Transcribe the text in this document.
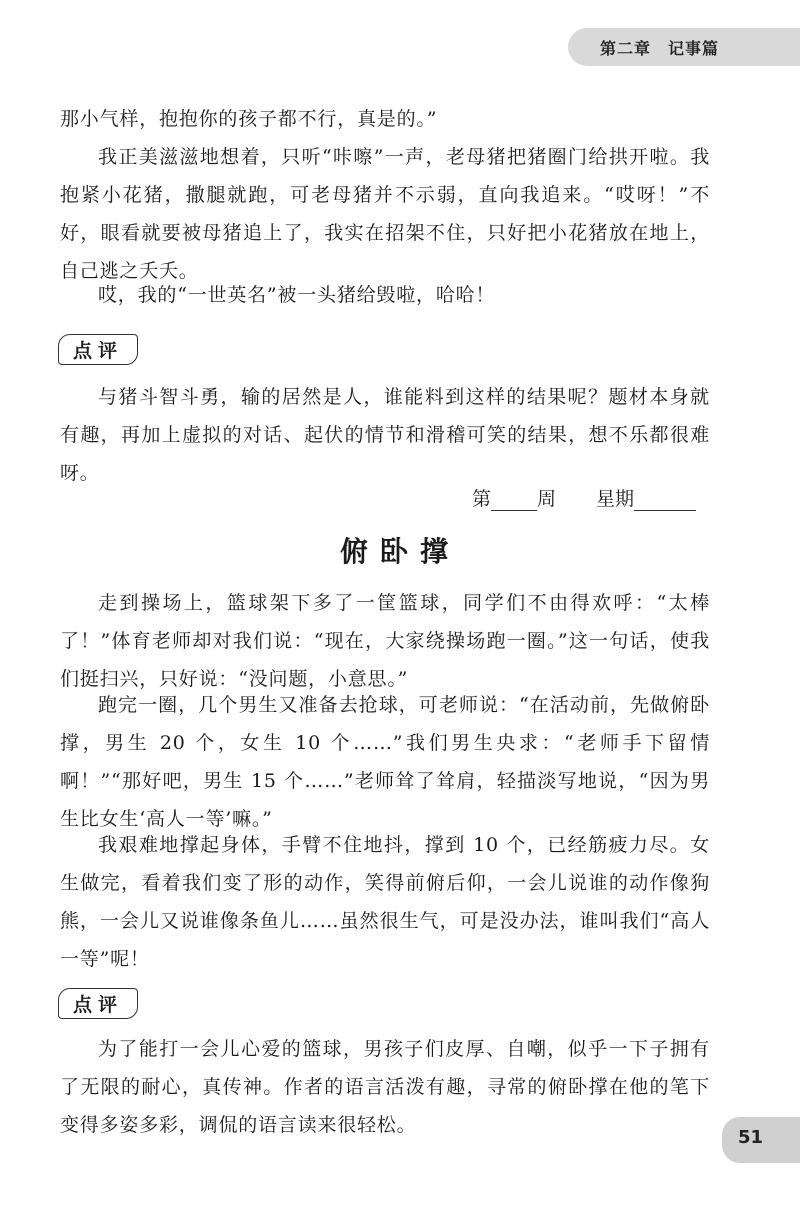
第二章　记事篇

那小气样，抱抱你的孩子都不行，真是的。”

我正美滋滋地想着，只听“咔嚓”一声，老母猪把猪圈门给拱开啦。我抱紧小花猪，撒腿就跑，可老母猪并不示弱，直向我追来。“哎呀！”不好，眼看就要被母猪追上了，我实在招架不住，只好把小花猪放在地上，自己逃之夭夭。

哎，我的“一世英名”被一头猪给毁啦，哈哈！

点评

与猪斗智斗勇，输的居然是人，谁能料到这样的结果呢？题材本身就有趣，再加上虚拟的对话、起伏的情节和滑稽可笑的结果，想不乐都很难呀。

第 周 星期
俯卧撑

走到操场上，篮球架下多了一筐篮球，同学们不由得欢呼：“太棒了！”体育老师却对我们说：“现在，大家绕操场跑一圈。”这一句话，使我们挺扫兴，只好说：“没问题，小意思。”

跑完一圈，几个男生又准备去抢球，可老师说：“在活动前，先做俯卧撑，男生 20 个，女生 10 个……”我们男生央求：“老师手下留情啊！”“那好吧，男生 15 个……”老师耸了耸肩，轻描淡写地说，“因为男生比女生‘高人一等’嘛。”

我艰难地撑起身体，手臂不住地抖，撑到 10 个，已经筋疲力尽。女生做完，看着我们变了形的动作，笑得前俯后仰，一会儿说谁的动作像狗熊，一会儿又说谁像条鱼儿……虽然很生气，可是没办法，谁叫我们“高人一等”呢！

点评

为了能打一会儿心爱的篮球，男孩子们皮厚、自嘲，似乎一下子拥有了无限的耐心，真传神。作者的语言活泼有趣，寻常的俯卧撑在他的笔下变得多姿多彩，调侃的语言读来很轻松。

51
